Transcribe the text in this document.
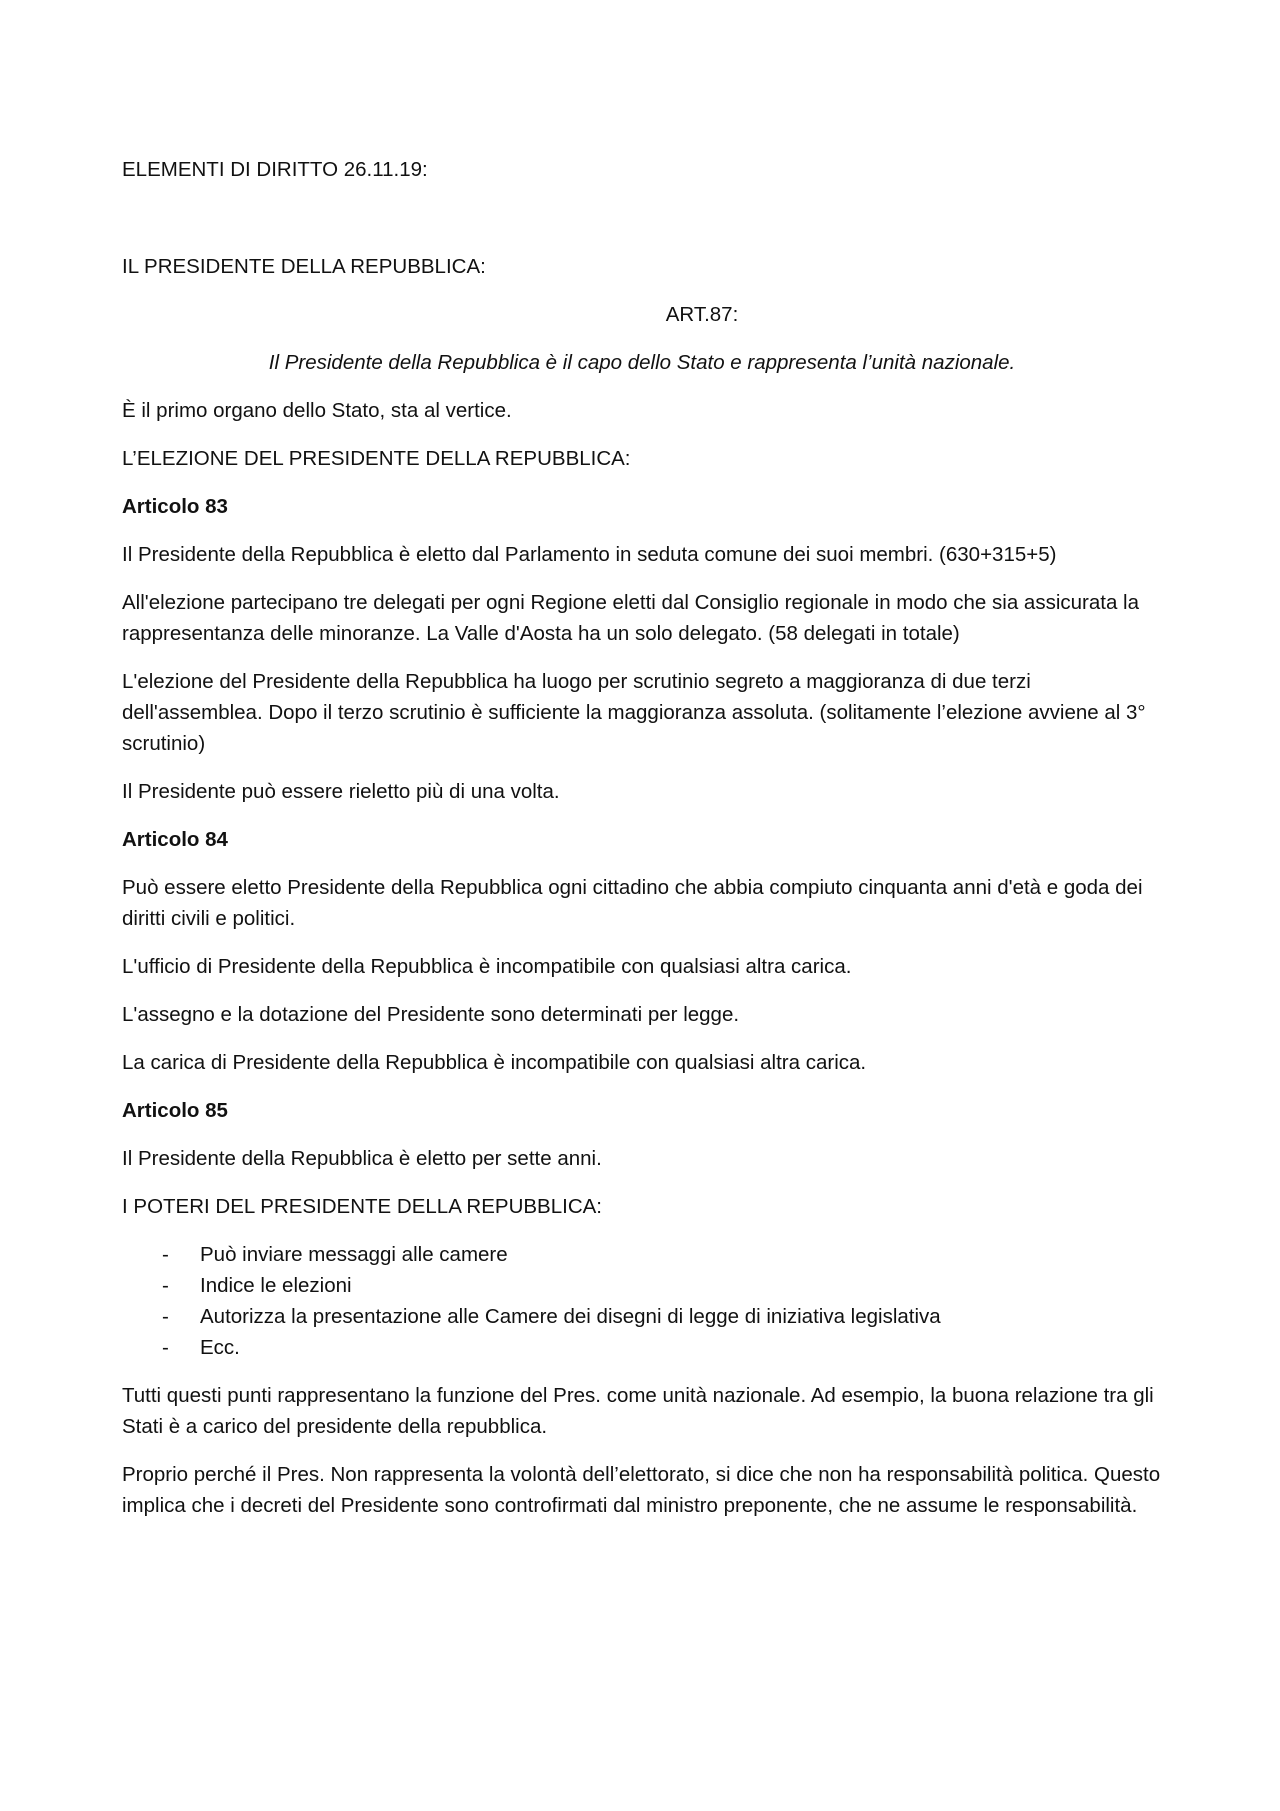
ELEMENTI DI DIRITTO 26.11.19:

IL PRESIDENTE DELLA REPUBBLICA:

ART.87:

Il Presidente della Repubblica è il capo dello Stato e rappresenta l’unità nazionale.

È il primo organo dello Stato, sta al vertice.

L’ELEZIONE DEL PRESIDENTE DELLA REPUBBLICA:

Articolo 83

Il Presidente della Repubblica è eletto dal Parlamento in seduta comune dei suoi membri. (630+315+5)

All'elezione partecipano tre delegati per ogni Regione eletti dal Consiglio regionale in modo che sia assicurata la rappresentanza delle minoranze. La Valle d'Aosta ha un solo delegato. (58 delegati in totale)

L'elezione del Presidente della Repubblica ha luogo per scrutinio segreto a maggioranza di due terzi dell'assemblea. Dopo il terzo scrutinio è sufficiente la maggioranza assoluta. (solitamente l’elezione avviene al 3° scrutinio)

Il Presidente può essere rieletto più di una volta.

Articolo 84

Può essere eletto Presidente della Repubblica ogni cittadino che abbia compiuto cinquanta anni d'età e goda dei diritti civili e politici.

L'ufficio di Presidente della Repubblica è incompatibile con qualsiasi altra carica.

L'assegno e la dotazione del Presidente sono determinati per legge.

La carica di Presidente della Repubblica è incompatibile con qualsiasi altra carica.

Articolo 85

Il Presidente della Repubblica è eletto per sette anni.

I POTERI DEL PRESIDENTE DELLA REPUBBLICA:

- Può inviare messaggi alle camere
- Indice le elezioni
- Autorizza la presentazione alle Camere dei disegni di legge di iniziativa legislativa
- Ecc.

Tutti questi punti rappresentano la funzione del Pres. come unità nazionale. Ad esempio, la buona relazione tra gli Stati è a carico del presidente della repubblica.

Proprio perché il Pres. Non rappresenta la volontà dell’elettorato, si dice che non ha responsabilità politica. Questo implica che i decreti del Presidente sono controfirmati dal ministro preponente, che ne assume le responsabilità.
